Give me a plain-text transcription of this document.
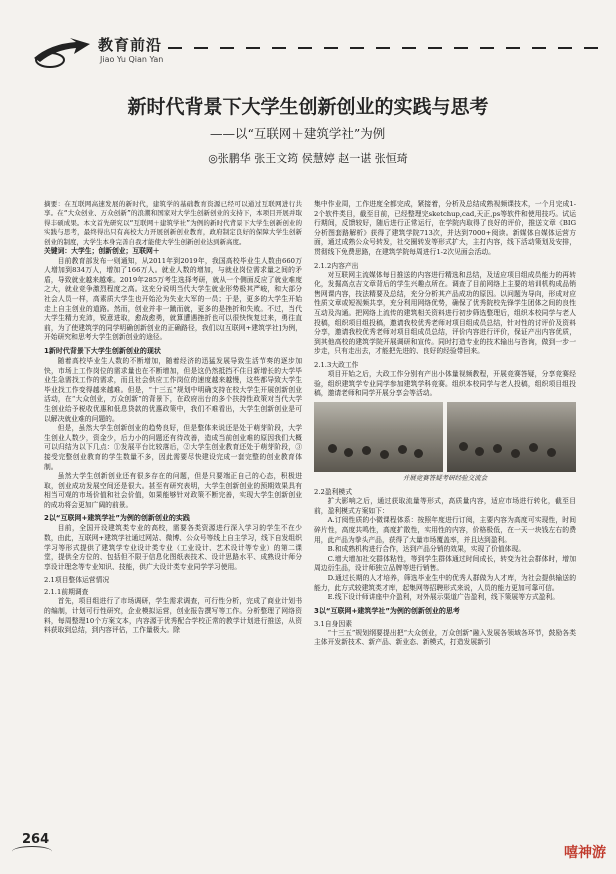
教育前沿
Jiao Yu Qian Yan
新时代背景下大学生创新创业的实践与思考
——以“互联网＋建筑学社”为例
◎张鹏华 张王文筠 侯慧婷 赵一谌 张恒琦

摘要：在互联网高速发展的新时代，建筑学的基础教育资源已经可以通过互联网进行共享。在“大众创业、万众创新”的浪潮和国家对大学生创新创业的支持下，本项目开展并取得丰硕成果。本文首先研究以“互联网＋建筑学社”为例的新时代背景下大学生创新创业的实践与思考，最终得出只有高校大力开展创新创业教育，政府制定良好的保障大学生创新创业的制度，大学生本身完善自我才能使大学生创新创业达到新高度。

关键词：大学生；创新创业；互联网＋

目前教育部发布一则通知，从2011年到2019年，我国高校毕业生人数由660万人增加到834万人，增加了166万人。就业人数的增加，与就业岗位需求量之间的矛盾，导致就业越来越难。2019年285万考生选择考研，就从一个侧面反应了就业难度之大，就业竞争激烈程度之高。这充分说明当代大学生就业形势极其严峻，和大部分社会人员一样，高素质大学生也开始沦为失业大军的一员；于是，更多的大学生开始走上自主创业的道路。然而，创业并非一蹴而就，更多的是挫折和失败。不过，当代大学生精力充沛，锐意进取，愈战愈勇，就算遭遇挫折也可以很快恢复过来，勇往直前，为了使建筑学的同学明确创新创业的正确路径，我们以[互联网+建筑学社]为例，开始研究和思考大学生创新创业的途径。

1新时代背景下大学生创新创业的现状

随着高校毕业生人数的不断增加，随着经济的迅猛发展导致生活节奏的逐步加快，市场上工作岗位的需求量也在不断增加，但是这仍然抵挡不住日新增长的大学毕业生急需找工作的需求，而且社会供应工作岗位的速度越来越慢，这些都导致大学生毕业找工作变得越来越难。但是，“十三五”规划中明确支持在校大学生开展创新创业活动，在“大众创业，万众创新”的背景下，在政府出台的多个扶持性政策对当代大学生创业给予税收优惠和低息贷款的优惠政策中，我们不难看出，大学生创新创业是可以解决就业难的问题的。

但是，虽然大学生创新创业的趋势良好，但是整体来说还是处于萌芽阶段，大学生创业人数少，资金少，后力小的问题还有待改善，造成当前创业难的原因我们大概可以归结为以下几点：①发展平台比较落后，②大学生创业教育还处于萌芽阶段，③接受完整创业教育的学生数量不多，因此需要尽快建设完成一套完整的创业教育体制。

虽然大学生创新创业还有很多存在的问题，但是只要端正自己的心态，积极进取，创业成功发展空间还是很大。甚至有研究表明，大学生创新创业的预期效果具有相当可观的市场价值和社会价值，如果能够针对政策不断完善，实现大学生创新创业的成功将会更加广阔的前景。

2以“互联网+建筑学社”为例的创新创业的实践

目前，全国开设建筑类专业的高校，需要各类资源进行深入学习的学生不在少数，由此，互联网+建筑学社通过网站、微博、公众号等线上自主学习，线下自发组织学习等形式提供了建筑学专业设计类专业（工业设计、艺术设计等专业）的第二课堂，提供全方位的、包括但不限于信息化图纸表技术、设计思路水平、成熟设计师分享设计理念等专业知识、技能，供广大设计类专业同学学习使用。

2.1项目整体运营情况
2.1.1前期调查

首先，项目组进行了市场调研，学生需求调查，可行性分析，完成了商业计划书的编制，计划可行性研究，企业模拟运营，创业报告撰写等工作。分析整理了网络资料，每周整理10个方案文本，内容源于优秀配合学校正常的教学计划进行推送，从资料获取到总结，到内容评估，工作量极大。除

集中作业周，工作进度全都完成，紧接着，分析及总结成熟视频课技术，一个月完成1-2个软件类目，截至目前，已经整理完sketchup,cad,天正,ps等软件和使用技巧。试运行期间，反馈较好，随后进行正常运行，在学院内取得了良好的评价，推送文章《BIG分析图套路解析》获得了建筑学院713次，并达到7000+阅读。新媒体自媒体运营方面，通过成熟公众号转发，社交圈转发等形式扩大，主打内容，线下活动策划及安排，贯彻线下免费思路，在建筑学院每周进行1-2次见面会活动。

2.1.2内容产出

对互联网主流媒体每日推送的内容进行精选和总结，及适应项目组成员能力的再转化，发掘高点吉文章背后的学生兴趣点所在。调查了目前网络上主要的培训机构成品销售网课内容，技法精要及总结，充分分析其产品成功的原因。以问题为导向，形成对应性质文章或短视频共享，充分利用网络优势，确保了优秀院校先锋学生团体之间的良性互动及沟通。把网络上流传的建筑相关资料进行初步筛选整理后，组织本校同学与老人投稿，组织项目组投稿，邀请我校优秀老师对项目组成员总结，针对性的讨评价及资料分享，邀请我校优秀老师对项目组成员总结，评价内容进行评价，保证产出内容优质，到其他高校的建筑学院开展调研和宣传。同时打造专业的技术输出与咨询，做到一步一步走，只有走出去，才能把先进的、良好的经验带回来。

2.1.3大政工作

项目开始之后，大政工作分别有产出小体量视频教程，开展竞赛答疑，分享竞赛经验，组织建筑学专业同学参加建筑学科竞赛。组织本校同学与老人投稿，组织项目组投稿，邀请老师和同学开展分享会等活动。

并展竞赛答疑考研经验交流会

2.2盈利模式

扩大影响之后，通过获取流量等形式，高质量内容，适应市场进行转化，截至目前，盈利模式方案如下：

A.订阅性质的小微课程体系：按照年度进行订阅，主要内容为高度可实现性，时间碎片性，高度共鸣性，高度扩散性，实用性的内容，价格极低，在一天一块钱左右的费用，此产品为拳头产品，获得了大量市场覆盖率，并且达到盈利。

B.和成熟机构进行合作，达到产品分销的效果，实现了价值体现。

C.增大增加社交群体粘性，等到学生群体通过时间成长，转变为社会群体时，增加周边衍生品，设计师独立品牌等进行销售。

D.通过长期的人才培养，筛选毕业生中的优秀人群做为人才库，为社会提供输送的能力，此方式较建筑类才库，起集网等招聘形式来说，人员的能力更加可靠可信。

E.线下设计师讲座中介盈利，对外展示渠道广告盈利，线下策展等方式盈利。

3以“互联网+建筑学社”为例的创新创业的思考
3.1自身因素

“十三五”规划纲要提出把“大众创业，万众创新”融入发展各领域各环节，鼓励各类主体开发新技术、新产品、新业态、新模式，打造发展新引

264
嘻神游
